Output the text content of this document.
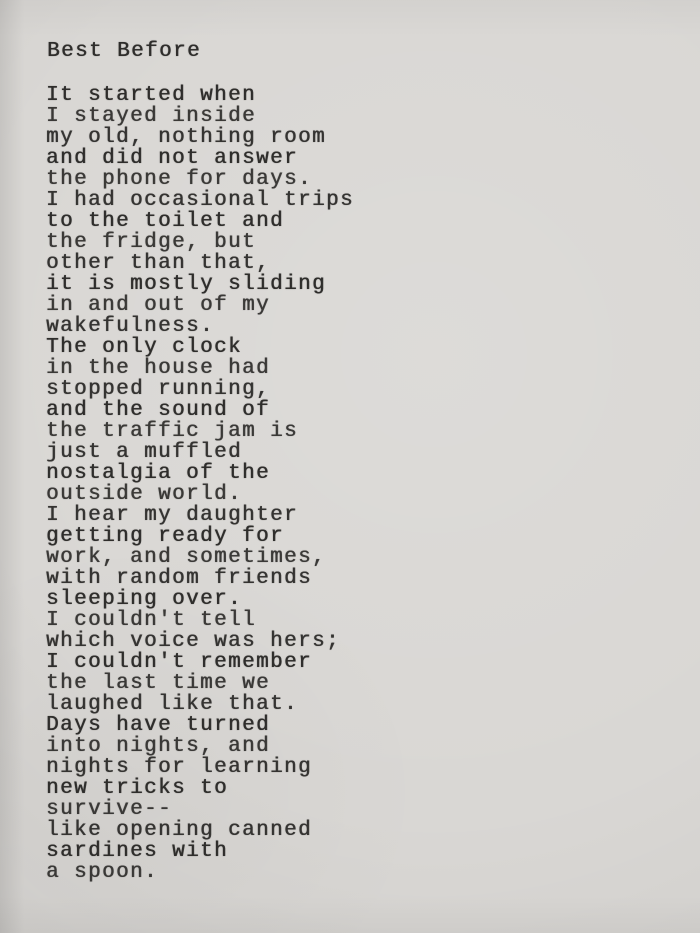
Best Before
It started when
I stayed inside
my old, nothing room
and did not answer
the phone for days.
I had occasional trips
to the toilet and
the fridge, but
other than that,
it is mostly sliding
in and out of my
wakefulness.
The only clock
in the house had
stopped running,
and the sound of
the traffic jam is
just a muffled
nostalgia of the
outside world.
I hear my daughter
getting ready for
work, and sometimes,
with random friends
sleeping over.
I couldn't tell
which voice was hers;
I couldn't remember
the last time we
laughed like that.
Days have turned
into nights, and
nights for learning
new tricks to
survive--
like opening canned
sardines with
a spoon.
